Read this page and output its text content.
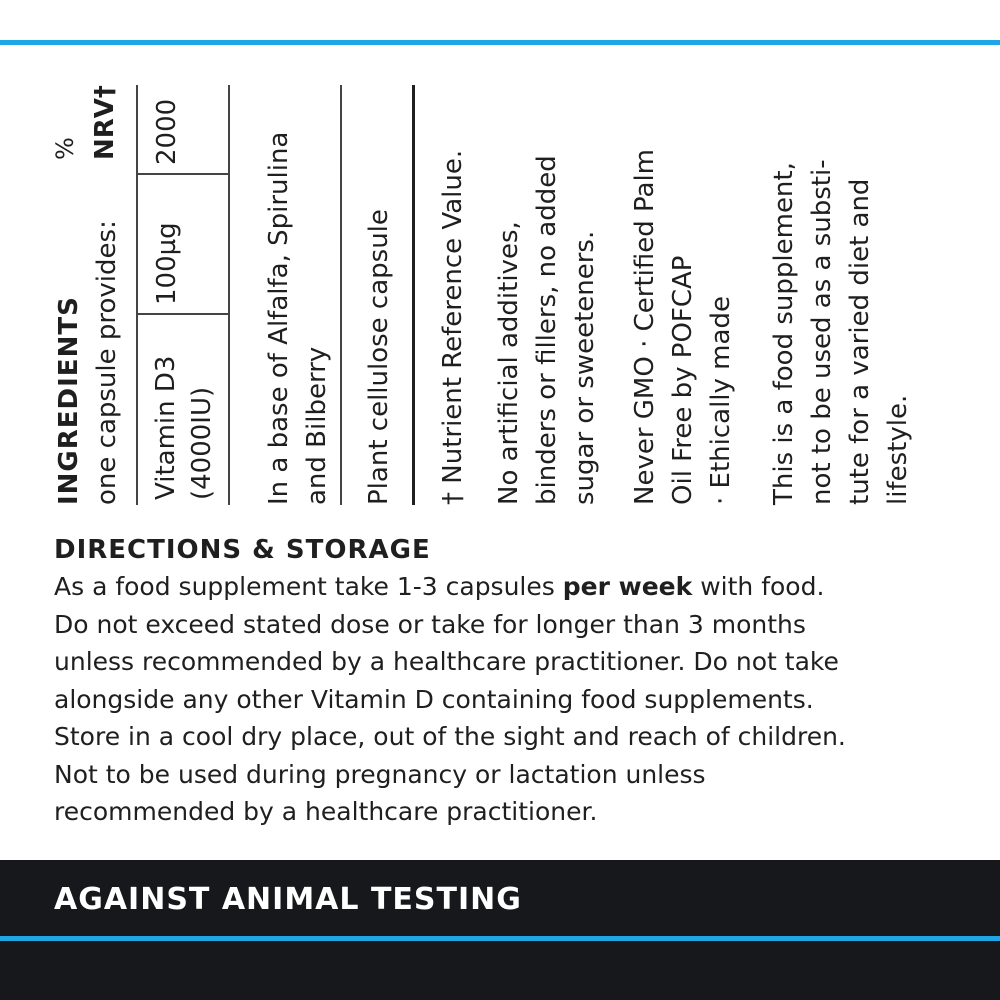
INGREDIENTS one capsule provides:
% NRV†
Vitamin D3 (4000IU)
100µg
2000	In a base of Alfalfa, Spirulina and Bilberry Plant cellulose capsule † Nutrient Reference Value. No artificial additives, binders or fillers, no added sugar or sweeteners. Never GMO · Certified Palm Oil Free by POFCAP · Ethically made This is a food supplement, not to be used as a substi- tute for a varied diet and lifestyle.
DIRECTIONS & STORAGE
As a food supplement take 1-3 capsules per week with food.
Do not exceed stated dose or take for longer than 3 months
unless recommended by a healthcare practitioner. Do not take
alongside any other Vitamin D containing food supplements.
Store in a cool dry place, out of the sight and reach of children.
Not to be used during pregnancy or lactation unless
recommended by a healthcare practitioner.
AGAINST ANIMAL TESTING
